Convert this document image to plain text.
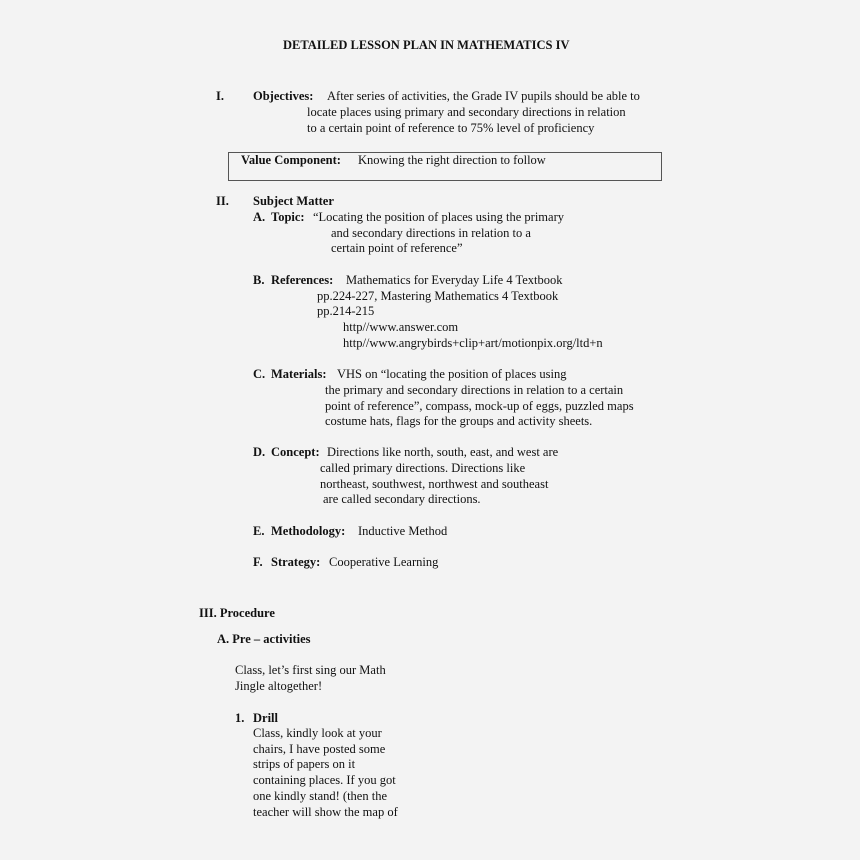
DETAILED LESSON PLAN IN MATHEMATICS IV
I. Objectives: After series of activities, the Grade IV pupils should be able to
locate places using primary and secondary directions in relation
to a certain point of reference to 75% level of proficiency
Value Component: Knowing the right direction to follow
II. Subject Matter
A. Topic: “Locating the position of places using the primary
and secondary directions in relation to a
certain point of reference”
B. References: Mathematics for Everyday Life 4 Textbook
pp.224-227, Mastering Mathematics 4 Textbook
pp.214-215
http//www.answer.com
http//www.angrybirds+clip+art/motionpix.org/ltd+n
C. Materials: VHS on “locating the position of places using
the primary and secondary directions in relation to a certain
point of reference”, compass, mock-up of eggs, puzzled maps
costume hats, flags for the groups and activity sheets.
D. Concept: Directions like north, south, east, and west are
called primary directions. Directions like
northeast, southwest, northwest and southeast
are called secondary directions.
E. Methodology: Inductive Method
F. Strategy: Cooperative Learning
III. Procedure
A. Pre – activities
Class, let’s first sing our Math
Jingle altogether!
1. Drill
Class, kindly look at your
chairs, I have posted some
strips of papers on it
containing places. If you got
one kindly stand! (then the
teacher will show the map of
